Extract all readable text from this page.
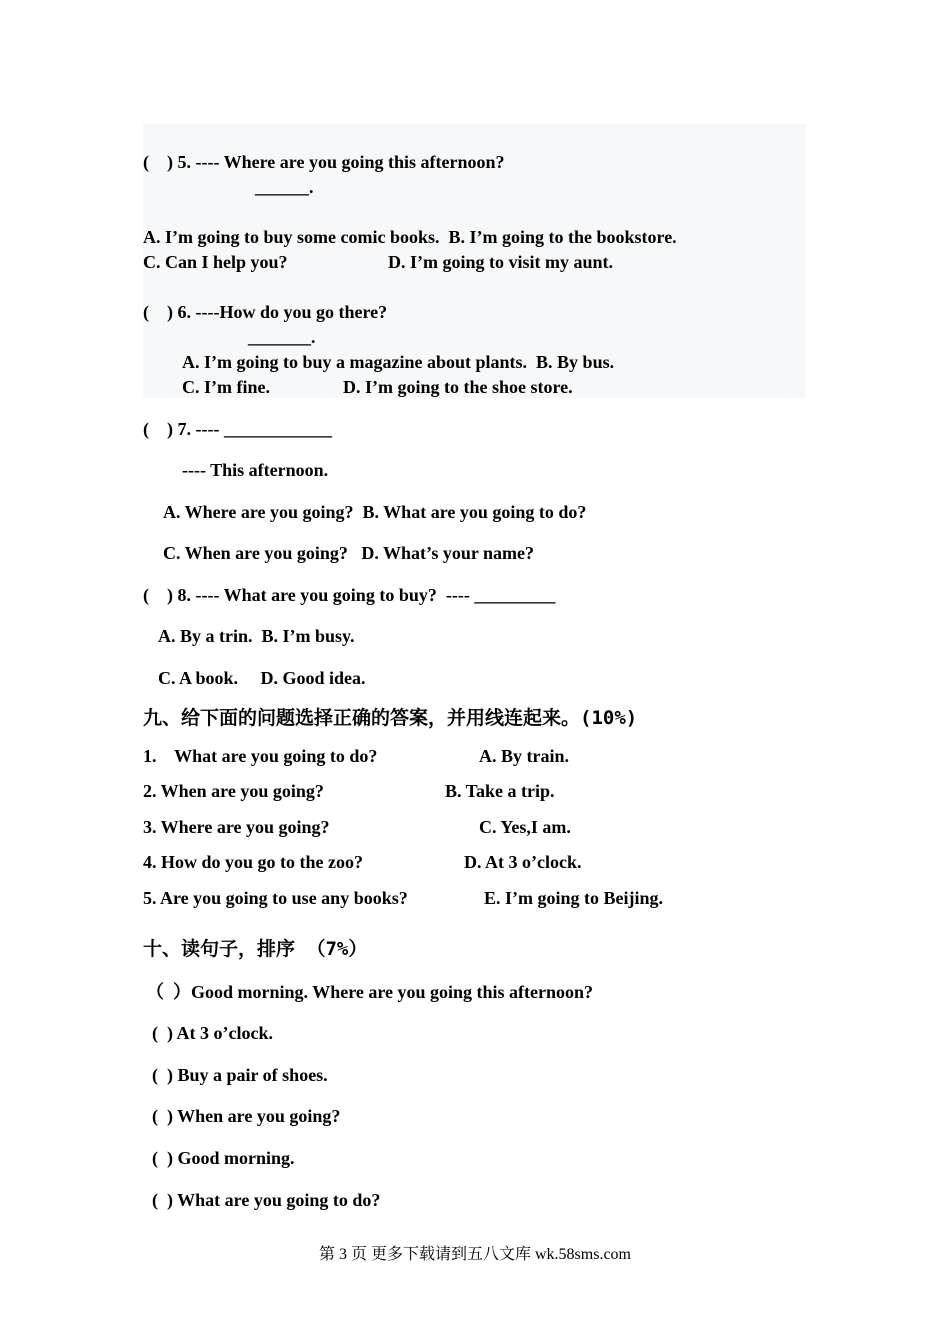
(    ) 5. ---- Where are you going this afternoon?
______.
A. I’m going to buy some comic books.  B. I’m going to the bookstore.
C. Can I help you?	D. I’m going to visit my aunt.
(    ) 6. ----How do you go there?
_______.
A. I’m going to buy a magazine about plants.  B. By bus.
C. I’m fine.	D. I’m going to the shoe store.
(    ) 7. ---- ____________
---- This afternoon.
A. Where are you going?  B. What are you going to do?
C. When are you going?   D. What’s your name?
(    ) 8. ---- What are you going to buy?  ---- _________
A. By a trin.  B. I’m busy.
C. A book.     D. Good idea.
九、给下面的问题选择正确的答案，并用线连起来。(10%)
1.    What are you going to do?	A. By train.
2. When are you going?	B. Take a trip.
3. Where are you going?	C. Yes,I am.
4. How do you go to the zoo?	D. At 3 o’clock.
5. Are you going to use any books?	E. I’m going to Beijing.
十、读句子，排序 （7%）
（  ）Good morning. Where are you going this afternoon?
(  ) At 3 o’clock.
(  ) Buy a pair of shoes.
(  ) When are you going?
(  ) Good morning.
(  ) What are you going to do?
第 3 页 更多下载请到五八文库 wk.58sms.com
